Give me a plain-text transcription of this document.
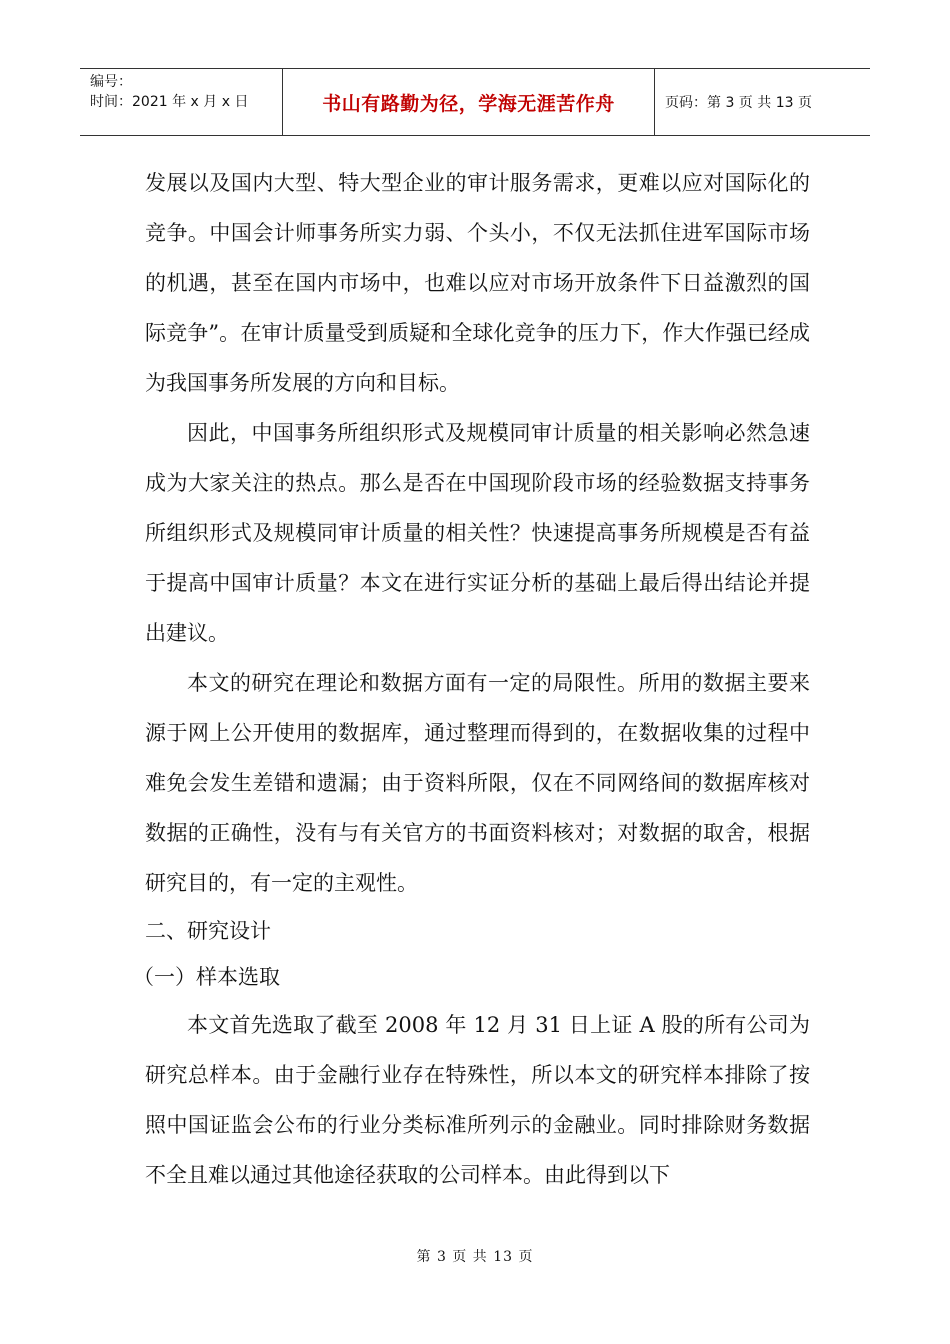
编号：
时间：2021 年 x 月 x 日	书山有路勤为径，学海无涯苦作舟	页码：第 3 页 共 13 页

发展以及国内大型、特大型企业的审计服务需求，更难以应对国际化的竞争。中国会计师事务所实力弱、个头小，不仅无法抓住进军国际市场的机遇，甚至在国内市场中，也难以应对市场开放条件下日益激烈的国际竞争”。在审计质量受到质疑和全球化竞争的压力下，作大作强已经成为我国事务所发展的方向和目标。

因此，中国事务所组织形式及规模同审计质量的相关影响必然急速成为大家关注的热点。那么是否在中国现阶段市场的经验数据支持事务所组织形式及规模同审计质量的相关性？快速提高事务所规模是否有益于提高中国审计质量？本文在进行实证分析的基础上最后得出结论并提出建议。

本文的研究在理论和数据方面有一定的局限性。所用的数据主要来源于网上公开使用的数据库，通过整理而得到的，在数据收集的过程中难免会发生差错和遗漏；由于资料所限，仅在不同网络间的数据库核对数据的正确性，没有与有关官方的书面资料核对；对数据的取舍，根据研究目的，有一定的主观性。

二、研究设计

（一）样本选取

本文首先选取了截至 2008 年 12 月 31 日上证 A 股的所有公司为研究总样本。由于金融行业存在特殊性，所以本文的研究样本排除了按照中国证监会公布的行业分类标准所列示的金融业。同时排除财务数据不全且难以通过其他途径获取的公司样本。由此得到以下

第 3 页 共 13 页
